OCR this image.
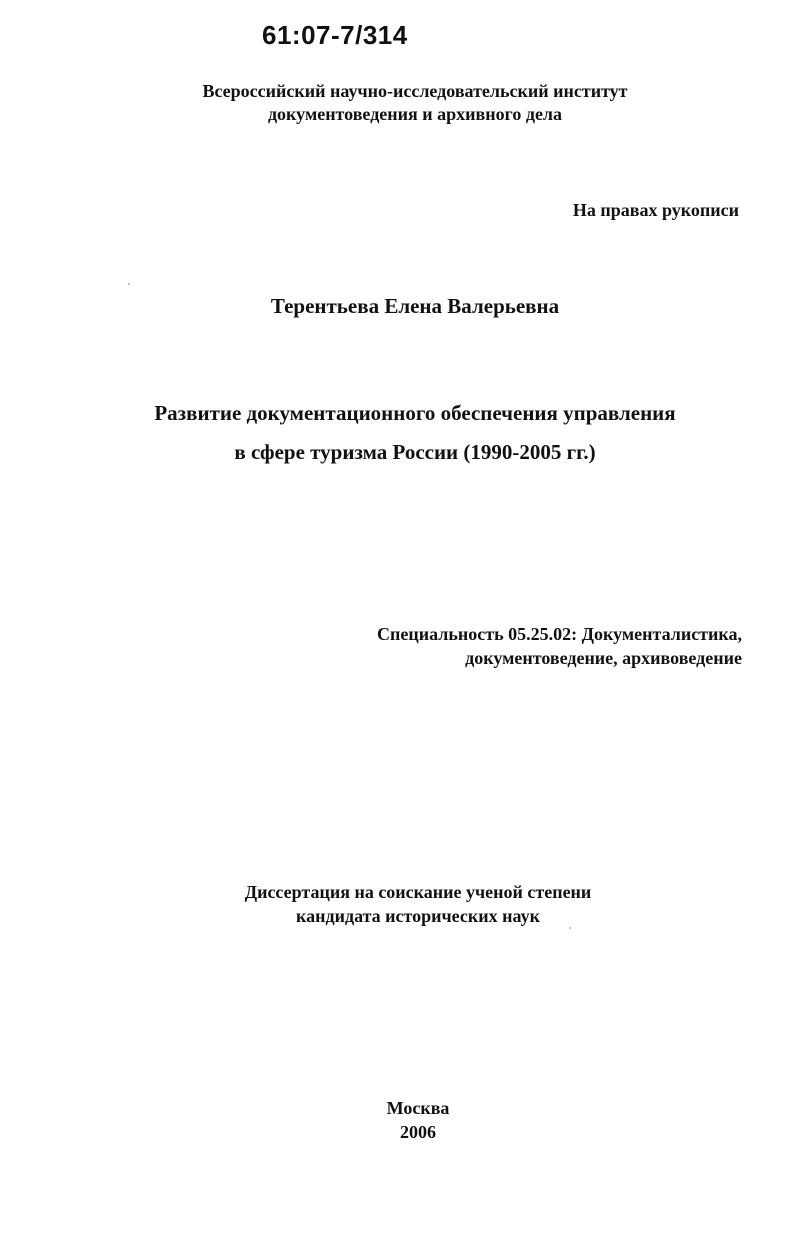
61:07-7/314
Всероссийский научно-исследовательский институт
документоведения и архивного дела
На правах рукописи
Терентьева Елена Валерьевна
Развитие документационного обеспечения управления
в сфере туризма России (1990-2005 гг.)
Специальность 05.25.02: Документалистика,
документоведение, архивоведение
Диссертация на соискание ученой степени
кандидата исторических наук
Москва
2006
